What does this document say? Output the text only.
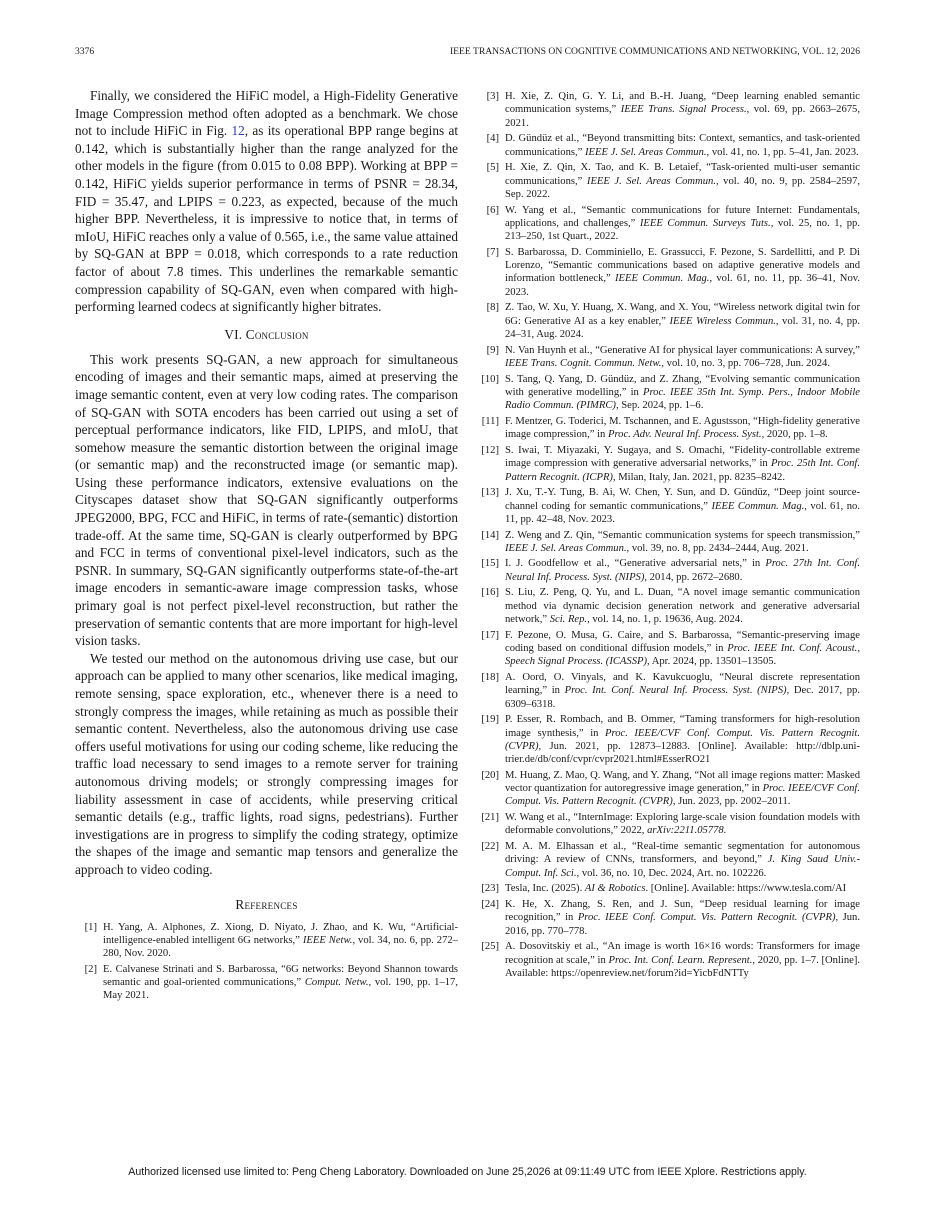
3376	IEEE TRANSACTIONS ON COGNITIVE COMMUNICATIONS AND NETWORKING, VOL. 12, 2026

Finally, we considered the HiFiC model, a High-Fidelity Generative Image Compression method often adopted as a benchmark. We chose not to include HiFiC in Fig. 12, as its operational BPP range begins at 0.142, which is substantially higher than the range analyzed for the other models in the figure (from 0.015 to 0.08 BPP). Working at BPP = 0.142, HiFiC yields superior performance in terms of PSNR = 28.34, FID = 35.47, and LPIPS = 0.223, as expected, because of the much higher BPP. Nevertheless, it is impressive to notice that, in terms of mIoU, HiFiC reaches only a value of 0.565, i.e., the same value attained by SQ-GAN at BPP = 0.018, which corresponds to a rate reduction factor of about 7.8 times. This underlines the remarkable semantic compression capability of SQ-GAN, even when compared with high-performing learned codecs at significantly higher bitrates.

VI. Conclusion

This work presents SQ-GAN, a new approach for simultaneous encoding of images and their semantic maps, aimed at preserving the image semantic content, even at very low coding rates. The comparison of SQ-GAN with SOTA encoders has been carried out using a set of perceptual performance indicators, like FID, LPIPS, and mIoU, that somehow measure the semantic distortion between the original image (or semantic map) and the reconstructed image (or semantic map). Using these performance indicators, extensive evaluations on the Cityscapes dataset show that SQ-GAN significantly outperforms JPEG2000, BPG, FCC and HiFiC, in terms of rate-(semantic) distortion trade-off. At the same time, SQ-GAN is clearly outperformed by BPG and FCC in terms of conventional pixel-level indicators, such as the PSNR. In summary, SQ-GAN significantly outperforms state-of-the-art image encoders in semantic-aware image compression tasks, whose primary goal is not perfect pixel-level reconstruction, but rather the preservation of semantic contents that are more important for high-level vision tasks.

We tested our method on the autonomous driving use case, but our approach can be applied to many other scenarios, like medical imaging, remote sensing, space exploration, etc., whenever there is a need to strongly compress the images, while retaining as much as possible their semantic content. Nevertheless, also the autonomous driving use case offers useful motivations for using our coding scheme, like reducing the traffic load necessary to send images to a remote server for training autonomous driving models; or strongly compressing images for liability assessment in case of accidents, while preserving critical semantic details (e.g., traffic lights, road signs, pedestrians). Further investigations are in progress to simplify the coding strategy, optimize the shapes of the image and semantic map tensors and generalize the approach to video coding.

References
[1] H. Yang, A. Alphones, Z. Xiong, D. Niyato, J. Zhao, and K. Wu, “Artificial-intelligence-enabled intelligent 6G networks,” IEEE Netw., vol. 34, no. 6, pp. 272–280, Nov. 2020.
[2] E. Calvanese Strinati and S. Barbarossa, “6G networks: Beyond Shannon towards semantic and goal-oriented communications,” Comput. Netw., vol. 190, pp. 1–17, May 2021.
[3] H. Xie, Z. Qin, G. Y. Li, and B.-H. Juang, “Deep learning enabled semantic communication systems,” IEEE Trans. Signal Process., vol. 69, pp. 2663–2675, 2021.
[4] D. Gündüz et al., “Beyond transmitting bits: Context, semantics, and task-oriented communications,” IEEE J. Sel. Areas Commun., vol. 41, no. 1, pp. 5–41, Jan. 2023.
[5] H. Xie, Z. Qin, X. Tao, and K. B. Letaief, “Task-oriented multi-user semantic communications,” IEEE J. Sel. Areas Commun., vol. 40, no. 9, pp. 2584–2597, Sep. 2022.
[6] W. Yang et al., “Semantic communications for future Internet: Fundamentals, applications, and challenges,” IEEE Commun. Surveys Tuts., vol. 25, no. 1, pp. 213–250, 1st Quart., 2022.
[7] S. Barbarossa, D. Comminiello, E. Grassucci, F. Pezone, S. Sardellitti, and P. Di Lorenzo, “Semantic communications based on adaptive generative models and information bottleneck,” IEEE Commun. Mag., vol. 61, no. 11, pp. 36–41, Nov. 2023.
[8] Z. Tao, W. Xu, Y. Huang, X. Wang, and X. You, “Wireless network digital twin for 6G: Generative AI as a key enabler,” IEEE Wireless Commun., vol. 31, no. 4, pp. 24–31, Aug. 2024.
[9] N. Van Huynh et al., “Generative AI for physical layer communications: A survey,” IEEE Trans. Cognit. Commun. Netw., vol. 10, no. 3, pp. 706–728, Jun. 2024.
[10] S. Tang, Q. Yang, D. Gündüz, and Z. Zhang, “Evolving semantic communication with generative modelling,” in Proc. IEEE 35th Int. Symp. Pers., Indoor Mobile Radio Commun. (PIMRC), Sep. 2024, pp. 1–6.
[11] F. Mentzer, G. Toderici, M. Tschannen, and E. Agustsson, “High-fidelity generative image compression,” in Proc. Adv. Neural Inf. Process. Syst., 2020, pp. 1–8.
[12] S. Iwai, T. Miyazaki, Y. Sugaya, and S. Omachi, “Fidelity-controllable extreme image compression with generative adversarial networks,” in Proc. 25th Int. Conf. Pattern Recognit. (ICPR), Milan, Italy, Jan. 2021, pp. 8235–8242.
[13] J. Xu, T.-Y. Tung, B. Ai, W. Chen, Y. Sun, and D. Gündüz, “Deep joint source-channel coding for semantic communications,” IEEE Commun. Mag., vol. 61, no. 11, pp. 42–48, Nov. 2023.
[14] Z. Weng and Z. Qin, “Semantic communication systems for speech transmission,” IEEE J. Sel. Areas Commun., vol. 39, no. 8, pp. 2434–2444, Aug. 2021.
[15] I. J. Goodfellow et al., “Generative adversarial nets,” in Proc. 27th Int. Conf. Neural Inf. Process. Syst. (NIPS), 2014, pp. 2672–2680.
[16] S. Liu, Z. Peng, Q. Yu, and L. Duan, “A novel image semantic communication method via dynamic decision generation network and generative adversarial network,” Sci. Rep., vol. 14, no. 1, p. 19636, Aug. 2024.
[17] F. Pezone, O. Musa, G. Caire, and S. Barbarossa, “Semantic-preserving image coding based on conditional diffusion models,” in Proc. IEEE Int. Conf. Acoust., Speech Signal Process. (ICASSP), Apr. 2024, pp. 13501–13505.
[18] A. Oord, O. Vinyals, and K. Kavukcuoglu, “Neural discrete representation learning,” in Proc. Int. Conf. Neural Inf. Process. Syst. (NIPS), Dec. 2017, pp. 6309–6318.
[19] P. Esser, R. Rombach, and B. Ommer, “Taming transformers for high-resolution image synthesis,” in Proc. IEEE/CVF Conf. Comput. Vis. Pattern Recognit. (CVPR), Jun. 2021, pp. 12873–12883. [Online]. Available: http://dblp.uni-trier.de/db/conf/cvpr/cvpr2021.html#EsserRO21
[20] M. Huang, Z. Mao, Q. Wang, and Y. Zhang, “Not all image regions matter: Masked vector quantization for autoregressive image generation,” in Proc. IEEE/CVF Conf. Comput. Vis. Pattern Recognit. (CVPR), Jun. 2023, pp. 2002–2011.
[21] W. Wang et al., “InternImage: Exploring large-scale vision foundation models with deformable convolutions,” 2022, arXiv:2211.05778.
[22] M. A. M. Elhassan et al., “Real-time semantic segmentation for autonomous driving: A review of CNNs, transformers, and beyond,” J. King Saud Univ.-Comput. Inf. Sci., vol. 36, no. 10, Dec. 2024, Art. no. 102226.
[23] Tesla, Inc. (2025). AI & Robotics. [Online]. Available: https://www.tesla.com/AI
[24] K. He, X. Zhang, S. Ren, and J. Sun, “Deep residual learning for image recognition,” in Proc. IEEE Conf. Comput. Vis. Pattern Recognit. (CVPR), Jun. 2016, pp. 770–778.
[25] A. Dosovitskiy et al., “An image is worth 16×16 words: Transformers for image recognition at scale,” in Proc. Int. Conf. Learn. Represent., 2020, pp. 1–7. [Online]. Available: https://openreview.net/forum?id=YicbFdNTTy
Authorized licensed use limited to: Peng Cheng Laboratory. Downloaded on June 25,2026 at 09:11:49 UTC from IEEE Xplore. Restrictions apply.
